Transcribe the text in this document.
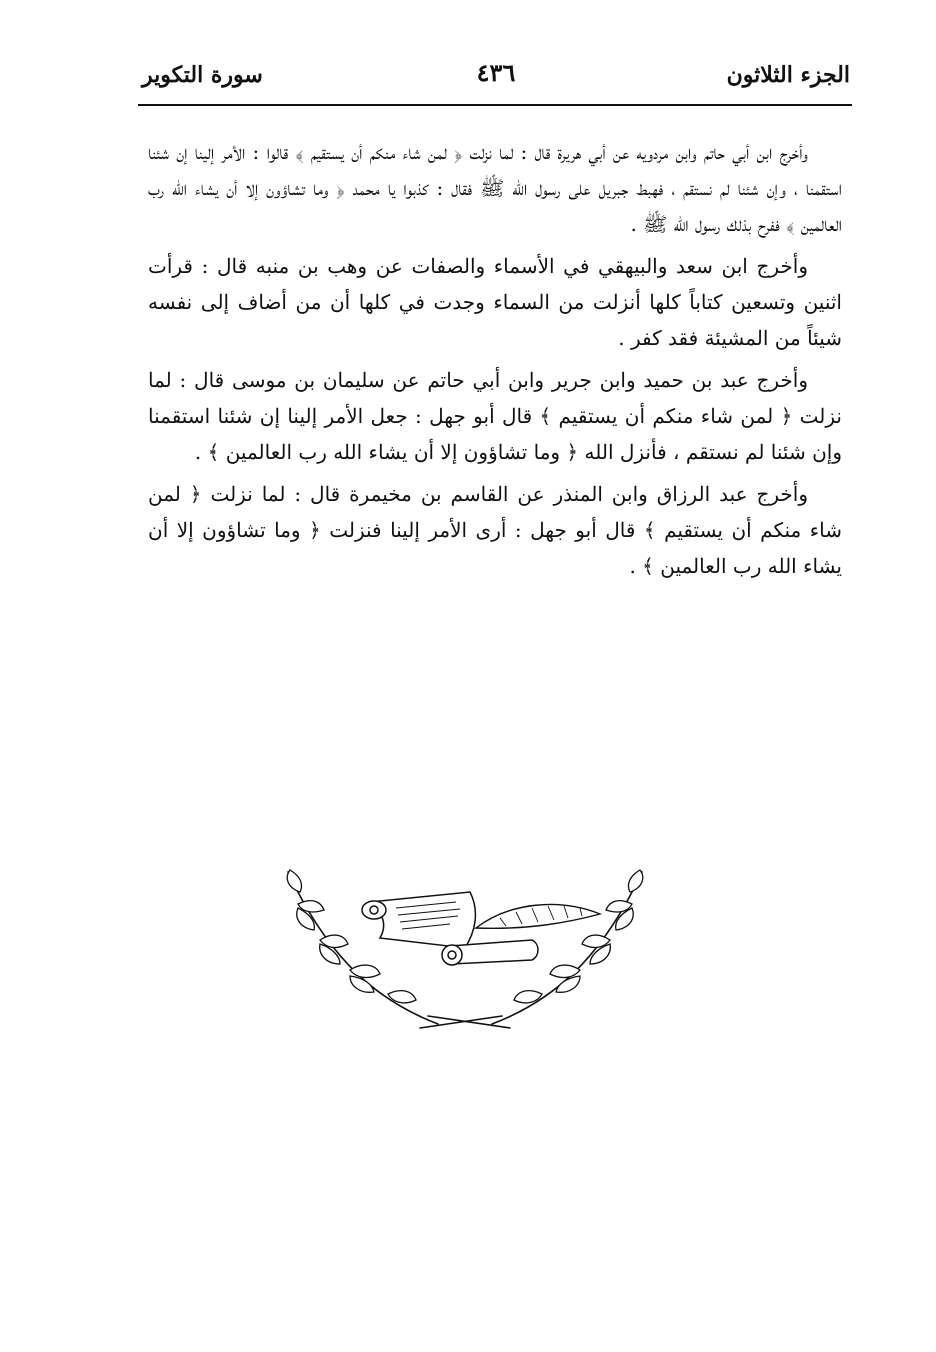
الجزء الثلاثون
٤٣٦
سورة التكوير

وأخرج ابن أبي حاتم وابن مردويه عن أبي هريرة قال : لما نزلت ﴿ لمن شاء منكم أن يستقيم ﴾ قالوا : الأمر إلينا إن شئنا استقمنا ، وإن شئنا لم نستقم ، فهبط جبريل على رسول الله ﷺ فقال : كذبوا يا محمد ﴿ وما تشاؤون إلا أن يشاء الله رب العالمين ﴾ ففرح بذلك رسول الله ﷺ .

وأخرج ابن سعد والبيهقي في الأسماء والصفات عن وهب بن منبه قال : قرأت اثنين وتسعين كتاباً كلها أنزلت من السماء وجدت في كلها أن من أضاف إلى نفسه شيئاً من المشيئة فقد كفر .

وأخرج عبد بن حميد وابن جرير وابن أبي حاتم عن سليمان بن موسى قال : لما نزلت ﴿ لمن شاء منكم أن يستقيم ﴾ قال أبو جهل : جعل الأمر إلينا إن شئنا استقمنا وإن شئنا لم نستقم ، فأنزل الله ﴿ وما تشاؤون إلا أن يشاء الله رب العالمين ﴾ .

وأخرج عبد الرزاق وابن المنذر عن القاسم بن مخيمرة قال : لما نزلت ﴿ لمن شاء منكم أن يستقيم ﴾ قال أبو جهل : أرى الأمر إلينا فنزلت ﴿ وما تشاؤون إلا أن يشاء الله رب العالمين ﴾ .
